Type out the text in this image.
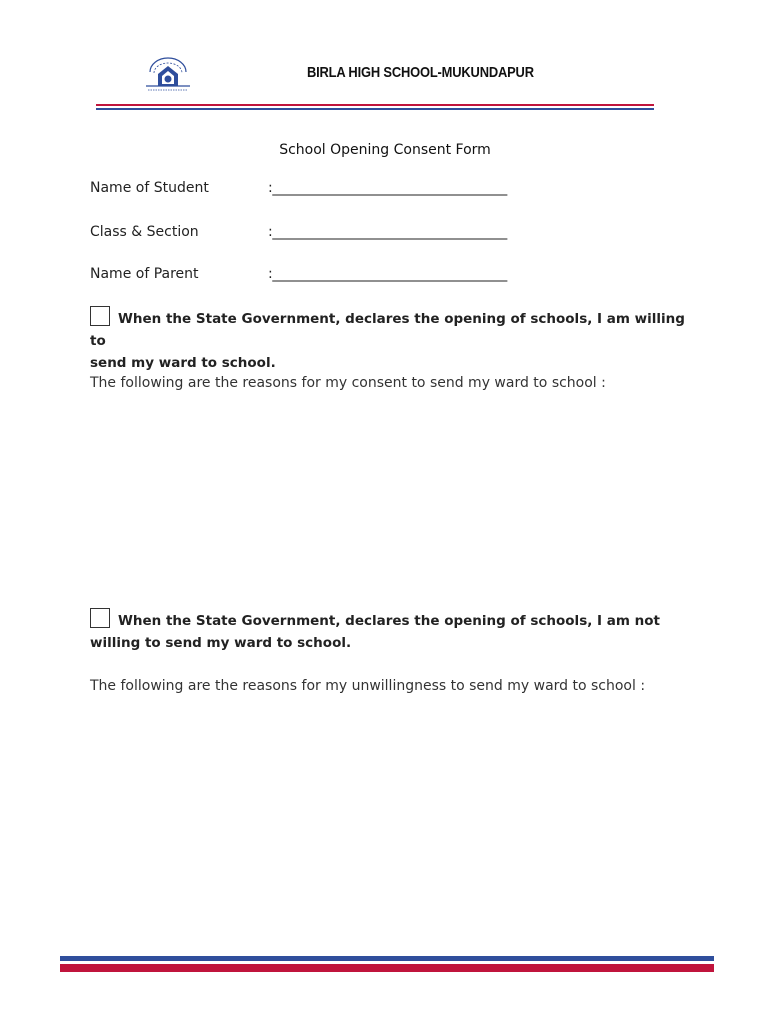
BIRLA HIGH SCHOOL-MUKUNDAPUR
School Opening Consent Form
Name of Student	:___________________________________
Class & Section	:___________________________________
Name of Parent	:___________________________________
When the State Government, declares the opening of schools, I am willing to
send my ward to school.
The following are the reasons for my consent to send my ward to school :
When the State Government, declares the opening of schools, I am not
willing to send my ward to school.
The following are the reasons for my unwillingness to send my ward to school :
